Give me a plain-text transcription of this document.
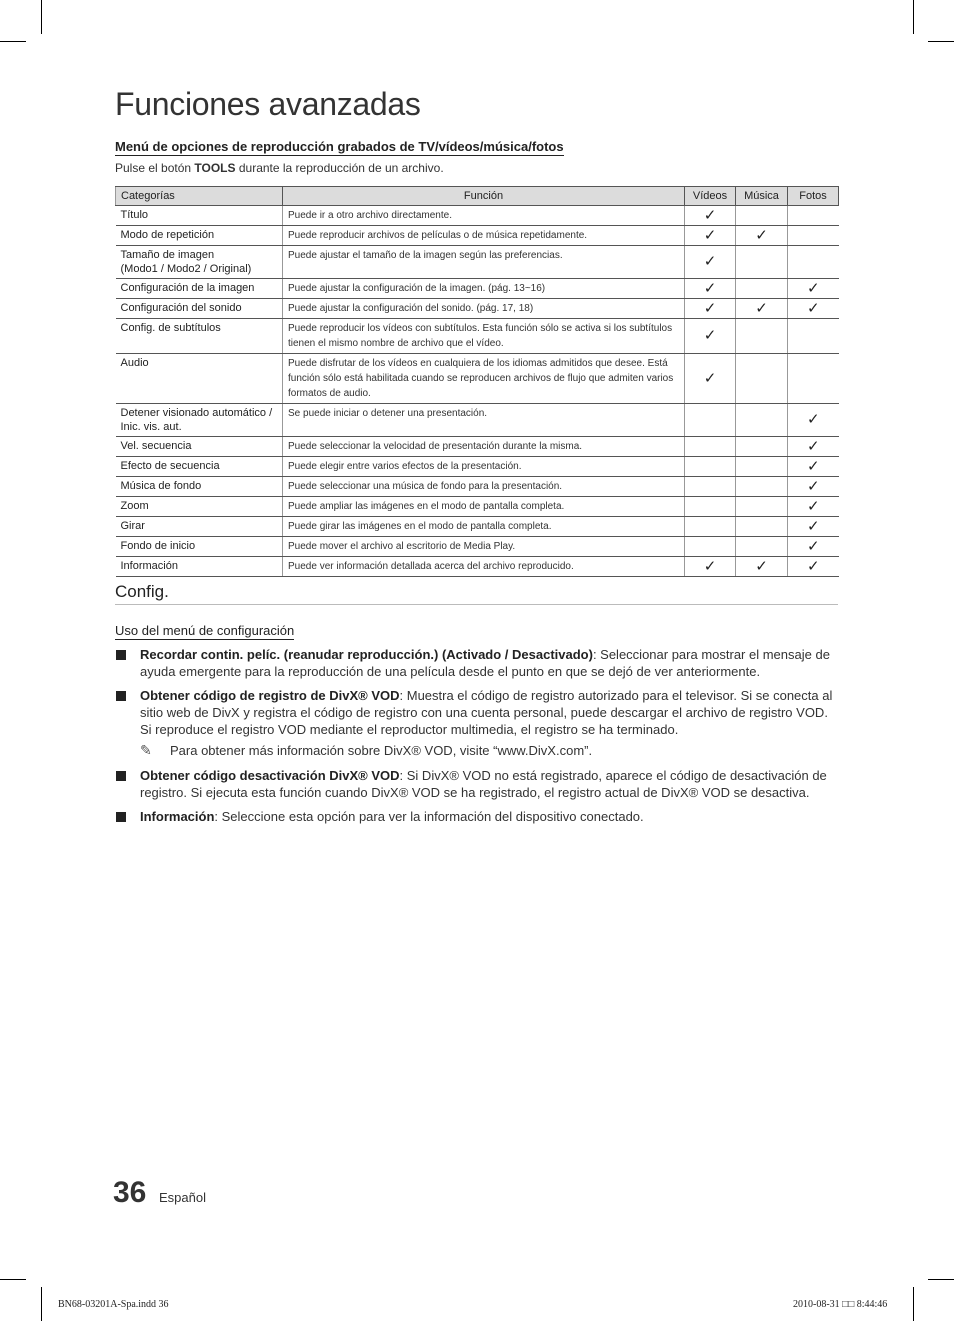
Funciones avanzadas
Menú de opciones de reproducción grabados de TV/vídeos/música/fotos
Pulse el botón TOOLS durante la reproducción de un archivo.
Categorías	Función	Vídeos	Música	Fotos
Título	Puede ir a otro archivo directamente.	✓		
Modo de repetición	Puede reproducir archivos de películas o de música repetidamente.	✓	✓	
Tamaño de imagen
(Modo1 / Modo2 / Original)	Puede ajustar el tamaño de la imagen según las preferencias.	✓		
Configuración de la imagen	Puede ajustar la configuración de la imagen. (pág. 13~16)	✓		✓
Configuración del sonido	Puede ajustar la configuración del sonido. (pág. 17, 18)	✓	✓	✓
Config. de subtítulos	Puede reproducir los vídeos con subtítulos. Esta función sólo se activa si los subtítulos tienen el mismo nombre de archivo que el vídeo.	✓		
Audio	Puede disfrutar de los vídeos en cualquiera de los idiomas admitidos que desee. Está función sólo está habilitada cuando se reproducen archivos de flujo que admiten varios formatos de audio.	✓		
Detener visionado automático / Inic. vis. aut.	Se puede iniciar o detener una presentación.			✓
Vel. secuencia	Puede seleccionar la velocidad de presentación durante la misma.			✓
Efecto de secuencia	Puede elegir entre varios efectos de la presentación.			✓
Música de fondo	Puede seleccionar una música de fondo para la presentación.			✓
Zoom	Puede ampliar las imágenes en el modo de pantalla completa.			✓
Girar	Puede girar las imágenes en el modo de pantalla completa.			✓
Fondo de inicio	Puede mover el archivo al escritorio de Media Play.			✓
Información	Puede ver información detallada acerca del archivo reproducido.	✓	✓	✓
Config.
Uso del menú de configuración
Recordar contin. pelíc. (reanudar reproducción.) (Activado / Desactivado): Seleccionar para mostrar el mensaje de ayuda emergente para la reproducción de una película desde el punto en que se dejó de ver anteriormente.
Obtener código de registro de DivX® VOD: Muestra el código de registro autorizado para el televisor. Si se conecta al sitio web de DivX y registra el código de registro con una cuenta personal, puede descargar el archivo de registro VOD. Si reproduce el registro VOD mediante el reproductor multimedia, el registro se ha terminado.
✎ Para obtener más información sobre DivX® VOD, visite “www.DivX.com”.
Obtener código desactivación DivX® VOD: Si DivX® VOD no está registrado, aparece el código de desactivación de registro. Si ejecuta esta función cuando DivX® VOD se ha registrado, el registro actual de DivX® VOD se desactiva.
Información: Seleccione esta opción para ver la información del dispositivo conectado.
36 Español
BN68-03201A-Spa.indd 36	2010-08-31 □□ 8:44:46
